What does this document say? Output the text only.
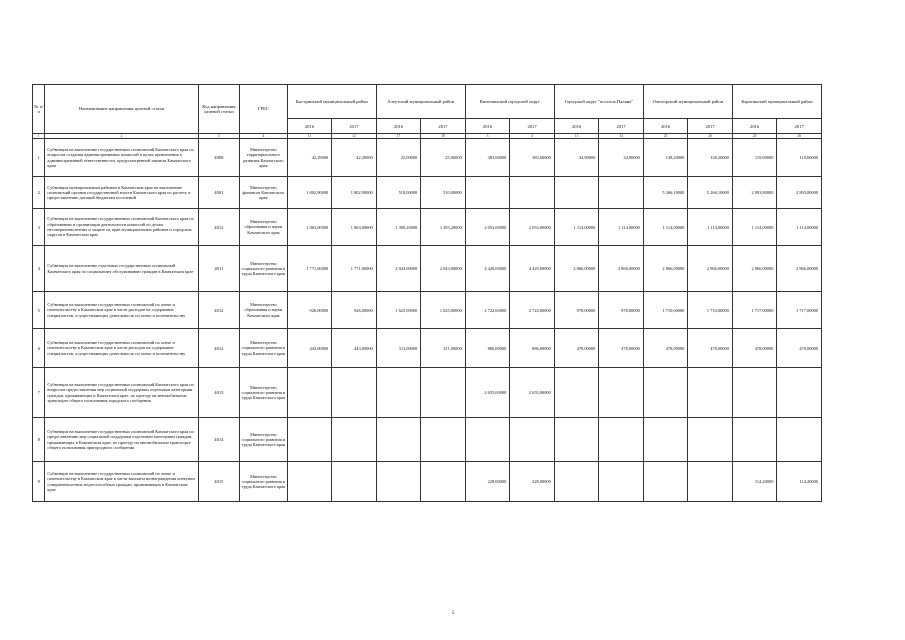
№ п/п	Наименование направления целевой статьи	Код направления целевой статьи	ГРБС	Быстринский муниципальный район		Алеутский муниципальный район		Вилючинский городской округ		Городской округ "поселок Палана"		Олюторский муниципальный район		Карагинский муниципальный район	
				2016	2017	2016	2017	2016	2017	2016	2017	2016	2017	2016	2017
1	2	3	4	11	12	17	18	3	4	13	14	25	26	25	26
1	Субвенции на выполнение государственных полномочий Камчатского края по вопросам создания административных комиссий в целях привлечения к административной ответственности, предусмотренной законом Камчатского края	4008	Министерство территориального развития Камчатского края	42,29000	42,20000	25,00000	25,00000	383,60000	383,60000	34,90000	34,90000	138,20000	138,20000	119,60000	119,60000
2	Субвенции муниципальным районам в Камчатском крае на выполнение полномочий органов государственной власти Камчатского края по расчету и предоставлению дотаций бюджетам поселений	4001	Министерство финансов Камчатского края	1 802,90000	1 802,90000	510,00000	510,00000					5 266,10000	5 266,10000	2 893,80000	2 893,80000
3	Субвенции на выполнение государственных полномочий Камчатского края по образованию и организации деятельности комиссий по делам несовершеннолетних и защите их прав муниципальных районов и городских округов в Камчатском крае	4012	Министерство образования и науки Камчатского края	1 863,00000	1 863,00000	1 390,20000	1 393,20000	2 053,00000	2 053,00000	1 114,00000	1 114,00000	1 114,00000	1 114,00000	1 114,00000	1 114,00000
4	Субвенции на выполнение отдельных государственных полномочий Камчатского края по социальному обслуживанию граждан в Камчатском крае	4011	Министерство социального развития и труда Камчатского края	1 771,00000	1 771,00000	2 043,00000	2 043,00000	4 429,00000	4 429,00000	2 866,00000	2 866,00000	2 866,00000	2 866,00000	2 866,00000	2 866,00000
5	Субвенции на выполнение государственных полномочий по опеке и попечительству в Камчатском крае в части расходов на содержание специалистов, осуществляющих деятельность по опеке и попечительству	4012	Министерство образования и науки Камчатского края	926,00000	926,00000	1 625,00000	1 625,00000	2 722,60000	2 724,00000	978,00000	978,00000	1 710,00000	1 710,00000	1 717,00000	1 717,00000
6	Субвенции на выполнение государственных полномочий по опеке и попечительству в Камчатском крае в части расходов на содержание специалистов, осуществляющих деятельность по опеке и попечительству	4012	Министерство социального развития и труда Камчатского края	443,00000	443,00000	311,00000	311,00000	886,00000	886,00000	478,00000	478,00000	478,00000	478,00000	478,00000	478,00000
7	Субвенции на выполнение государственных полномочий Камчатского края по вопросам предоставления мер социальной поддержки отдельным категориям граждан, проживающих в Камчатском крае, по проезду на автомобильном транспорте общего пользования городского сообщения	4013	Министерство социального развития и труда Камчатского края					2 655,00000	2 655,00000						
8	Субвенции на выполнение государственных полномочий Камчатского края по предоставлению мер социальной поддержки отдельным категориям граждан, проживающих в Камчатском крае, по проезду на автомобильном транспорте общего пользования пригородного сообщения	4014	Министерство социального развития и труда Камчатского края												
9	Субвенции на выполнение государственных полномочий по опеке и попечительству в Камчатском крае в части выплаты вознаграждения опекунам совершеннолетних недееспособных граждан, проживающих в Камчатском крае	4015	Министерство социального развития и труда Камчатского края					228,00000	228,00000					114,20000	114,20000
5
